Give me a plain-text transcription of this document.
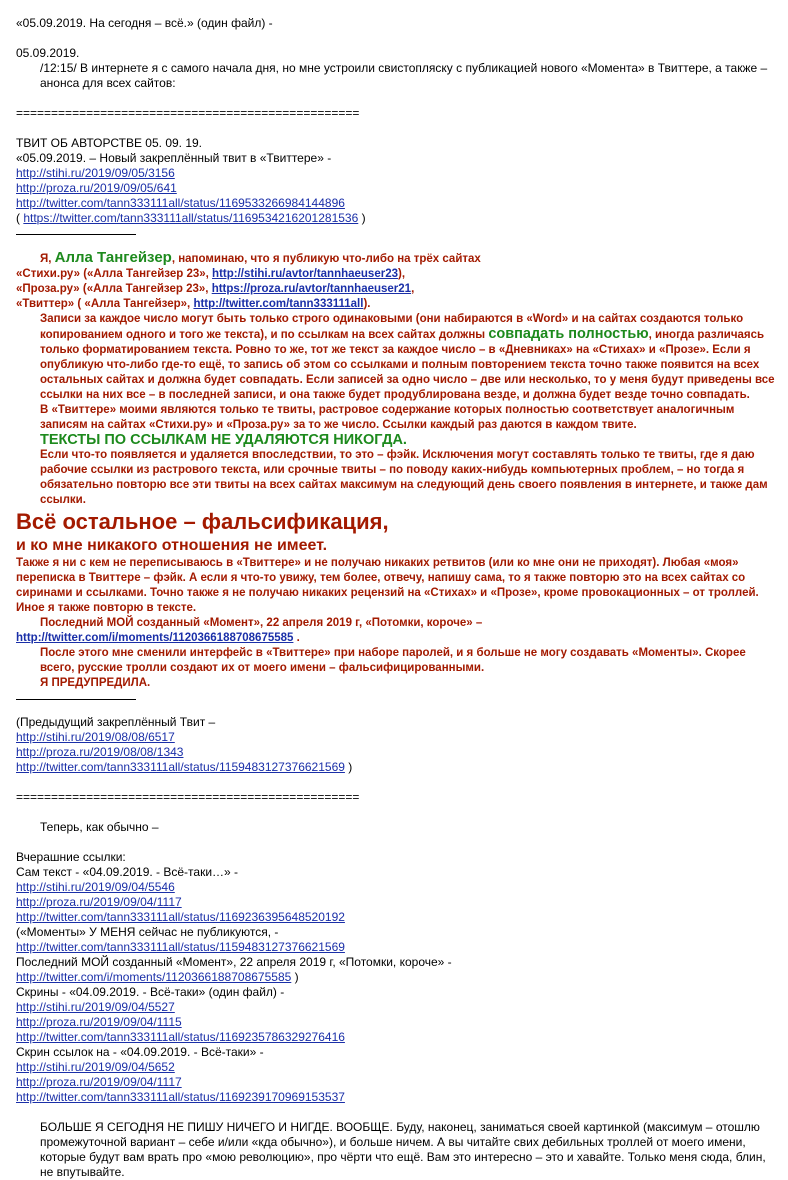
«05.09.2019. На сегодня – всё.» (один файл) -

05.09.2019.

/12:15/ В интернете я с самого начала дня, но мне устроили свистопляску с публикацией нового «Момента» в Твиттере, а также – анонса для всех сайтов:

=================================================

ТВИТ ОБ АВТОРСТВЕ 05. 09. 19.

«05.09.2019. – Новый закреплённый твит в «Твиттере» -

http://stihi.ru/2019/09/05/3156

http://proza.ru/2019/09/05/641

http://twitter.com/tann333111all/status/1169533266984144896

( https://twitter.com/tann333111all/status/1169534216201281536 )

Я, Алла Тангейзер, напоминаю, что я публикую что-либо на трёх сайтах

«Стихи.ру» («Алла Тангейзер 23», http://stihi.ru/avtor/tannhaeuser23),

«Проза.ру» («Алла Тангейзер 23», https://proza.ru/avtor/tannhaeuser21,

«Твиттер» ( «Алла Тангейзер», http://twitter.com/tann333111all).

Записи за каждое число могут быть только строго одинаковыми (они набираются в «Word» и на сайтах создаются только копированием одного и того же текста), и по ссылкам на всех сайтах должны совпадать полностью, иногда различаясь только форматированием текста. Ровно то же, тот же текст за каждое число – в «Дневниках» на «Стихах» и «Прозе». Если я опубликую что-либо где-то ещё, то запись об этом со ссылками и полным повторением текста точно также появится на всех остальных сайтах и должна будет совпадать. Если записей за одно число – две или несколько, то у меня будут приведены все ссылки на них все – в последней записи, и она также будет продублирована везде, и должна будет везде точно совпадать.

В «Твиттере» моими являются только те твиты, растровое содержание которых полностью соответствует аналогичным записям на сайтах «Стихи.ру» и «Проза.ру» за то же число. Ссылки каждый раз даются в каждом твите.

ТЕКСТЫ ПО ССЫЛКАМ НЕ УДАЛЯЮТСЯ НИКОГДА.

Если что-то появляется и удаляется впоследствии, то это – фэйк. Исключения могут составлять только те твиты, где я даю рабочие ссылки из растрового текста, или срочные твиты – по поводу каких-нибудь компьютерных проблем, – но тогда я обязательно повторю все эти твиты на всех сайтах максимум на следующий день своего появления в интернете, и также дам ссылки.

Всё остальное – фальсификация,

и ко мне никакого отношения не имеет.

Также я ни с кем не переписываюсь в «Твиттере» и не получаю никаких ретвитов (или ко мне они не приходят). Любая «моя» переписка в Твиттере – фэйк. А если я что-то увижу, тем более, отвечу, напишу сама, то я также повторю это на всех сайтах со сиринами и ссылками. Точно также я не получаю никаких рецензий на «Стихах» и «Прозе», кроме провокационных – от троллей. Иное я также повторю в тексте.

Последний МОЙ созданный «Момент», 22 апреля 2019 г, «Потомки, короче» –

http://twitter.com/i/moments/1120366188708675585 .

После этого мне сменили интерфейс в «Твиттере» при наборе паролей, и я больше не могу создавать «Моменты». Скорее всего, русские тролли создают их от моего имени – фальсифицированными.

Я ПРЕДУПРЕДИЛА.

(Предыдущий закреплённый Твит –

http://stihi.ru/2019/08/08/6517

http://proza.ru/2019/08/08/1343

http://twitter.com/tann333111all/status/1159483127376621569 )

=================================================

Теперь, как обычно –

Вчерашние ссылки:

Сам текст - «04.09.2019. - Всё-таки…» -

http://stihi.ru/2019/09/04/5546

http://proza.ru/2019/09/04/1117

http://twitter.com/tann333111all/status/1169236395648520192

(«Моменты» У МЕНЯ сейчас не публикуются, -

http://twitter.com/tann333111all/status/1159483127376621569

Последний МОЙ созданный «Момент», 22 апреля 2019 г, «Потомки, короче» -

http://twitter.com/i/moments/1120366188708675585 )

Скрины - «04.09.2019. - Всё-таки» (один файл) -

http://stihi.ru/2019/09/04/5527

http://proza.ru/2019/09/04/1115

http://twitter.com/tann333111all/status/1169235786329276416

Скрин ссылок на - «04.09.2019. - Всё-таки» -

http://stihi.ru/2019/09/04/5652

http://proza.ru/2019/09/04/1117

http://twitter.com/tann333111all/status/1169239170969153537

БОЛЬШЕ Я СЕГОДНЯ НЕ ПИШУ НИЧЕГО И НИГДЕ. ВООБЩЕ. Буду, наконец, заниматься своей картинкой (максимум – отошлю промежуточной вариант – себе и/или «кда обычно»), и больше ничем. А вы читайте свих дебильных троллей от моего имени, которые будут вам врать про «мою революцию», про чёрти что ещё. Вам это интересно – это и хавайте. Только меня сюда, блин, не впутывайте.
